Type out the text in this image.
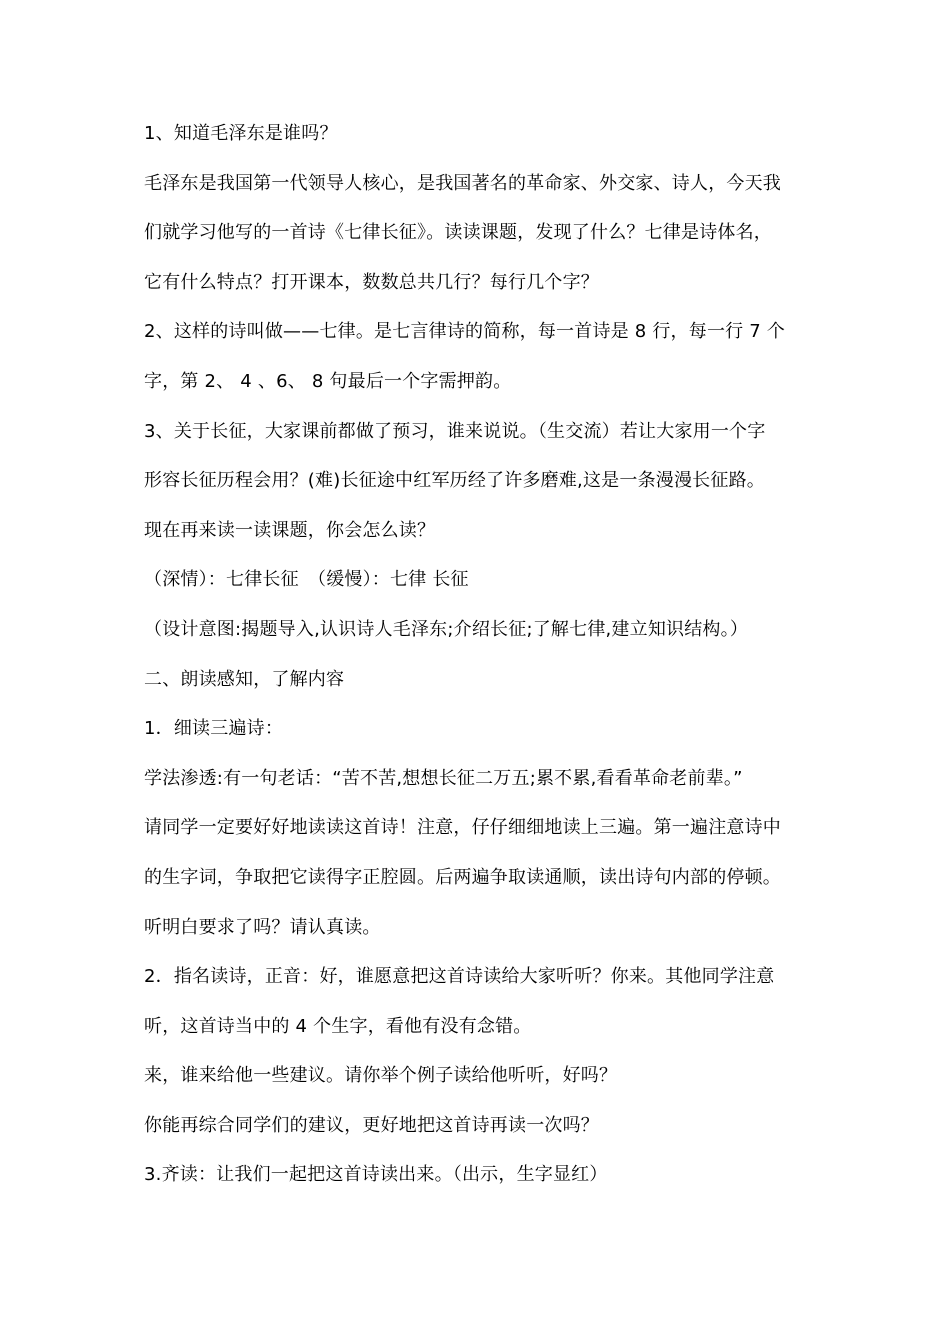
1、知道毛泽东是谁吗？
毛泽东是我国第一代领导人核心，是我国著名的革命家、外交家、诗人，今天我
们就学习他写的一首诗《七律长征》。读读课题，发现了什么？七律是诗体名，
它有什么特点？打开课本，数数总共几行？每行几个字？
2、这样的诗叫做——七律。是七言律诗的简称，每一首诗是 8 行，每一行 7 个
字，第 2、 4 、6、 8 句最后一个字需押韵。
3、关于长征，大家课前都做了预习，谁来说说。（生交流）若让大家用一个字
形容长征历程会用？(难)长征途中红军历经了许多磨难,这是一条漫漫长征路。
现在再来读一读课题，你会怎么读？
（深情）：七律长征　（缓慢）：七律 长征
（设计意图:揭题导入,认识诗人毛泽东;介绍长征;了解七律,建立知识结构。）
二、朗读感知，了解内容
1．细读三遍诗：
学法渗透:有一句老话：“苦不苦,想想长征二万五;累不累,看看革命老前辈。”
请同学一定要好好地读读这首诗！注意，仔仔细细地读上三遍。第一遍注意诗中
的生字词，争取把它读得字正腔圆。后两遍争取读通顺，读出诗句内部的停顿。
听明白要求了吗？请认真读。
2．指名读诗，正音：好，谁愿意把这首诗读给大家听听？你来。其他同学注意
听，这首诗当中的 4 个生字，看他有没有念错。
来，谁来给他一些建议。请你举个例子读给他听听，好吗？
你能再综合同学们的建议，更好地把这首诗再读一次吗？
3.齐读：让我们一起把这首诗读出来。（出示，生字显红）
